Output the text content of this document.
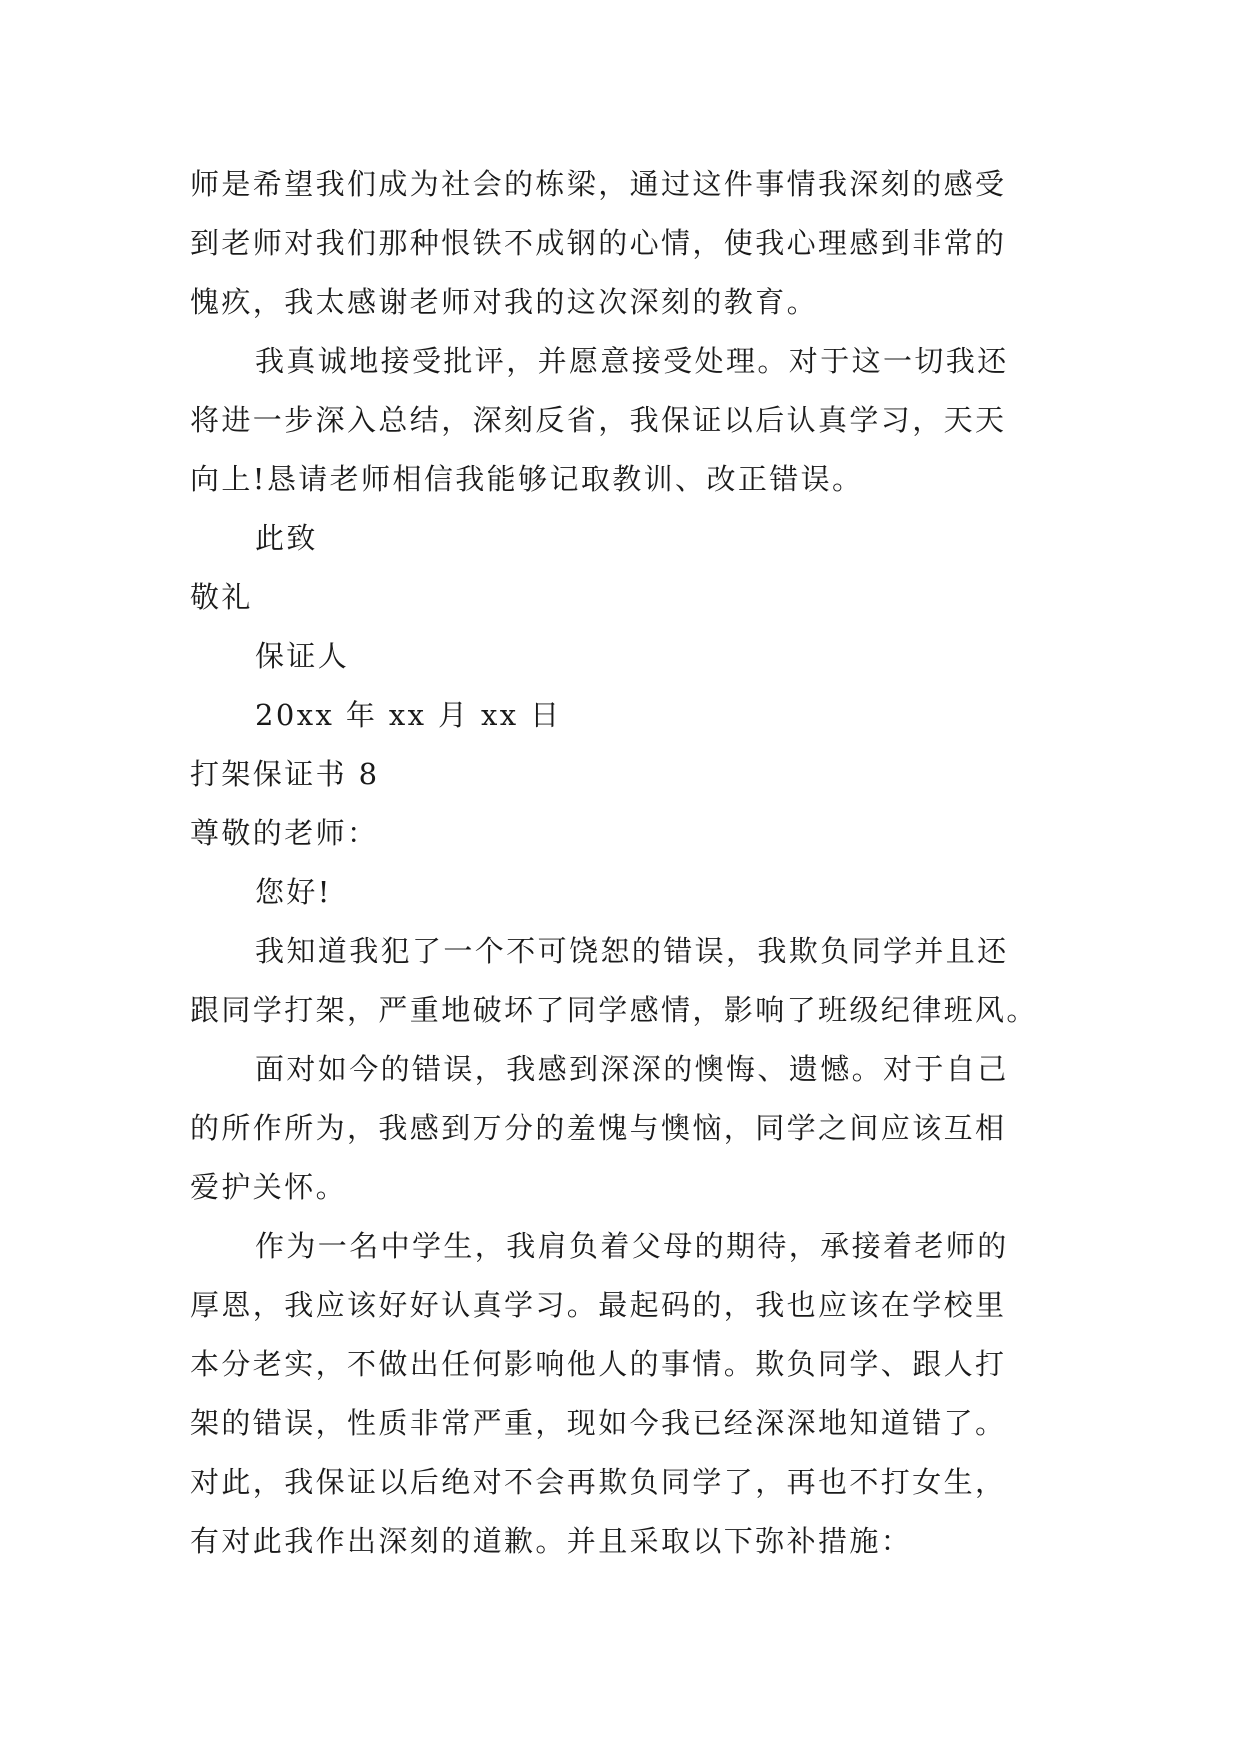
师是希望我们成为社会的栋梁，通过这件事情我深刻的感受
到老师对我们那种恨铁不成钢的心情，使我心理感到非常的
愧疚，我太感谢老师对我的这次深刻的教育。
我真诚地接受批评，并愿意接受处理。对于这一切我还
将进一步深入总结，深刻反省，我保证以后认真学习，天天
向上!恳请老师相信我能够记取教训、改正错误。
此致
敬礼
保证人
20xx 年 xx 月 xx 日
打架保证书 8
尊敬的老师：
您好!
我知道我犯了一个不可饶恕的错误，我欺负同学并且还
跟同学打架，严重地破坏了同学感情，影响了班级纪律班风。
面对如今的错误，我感到深深的懊悔、遗憾。对于自己
的所作所为，我感到万分的羞愧与懊恼，同学之间应该互相
爱护关怀。
作为一名中学生，我肩负着父母的期待，承接着老师的
厚恩，我应该好好认真学习。最起码的，我也应该在学校里
本分老实，不做出任何影响他人的事情。欺负同学、跟人打
架的错误，性质非常严重，现如今我已经深深地知道错了。
对此，我保证以后绝对不会再欺负同学了，再也不打女生，
有对此我作出深刻的道歉。并且采取以下弥补措施：
